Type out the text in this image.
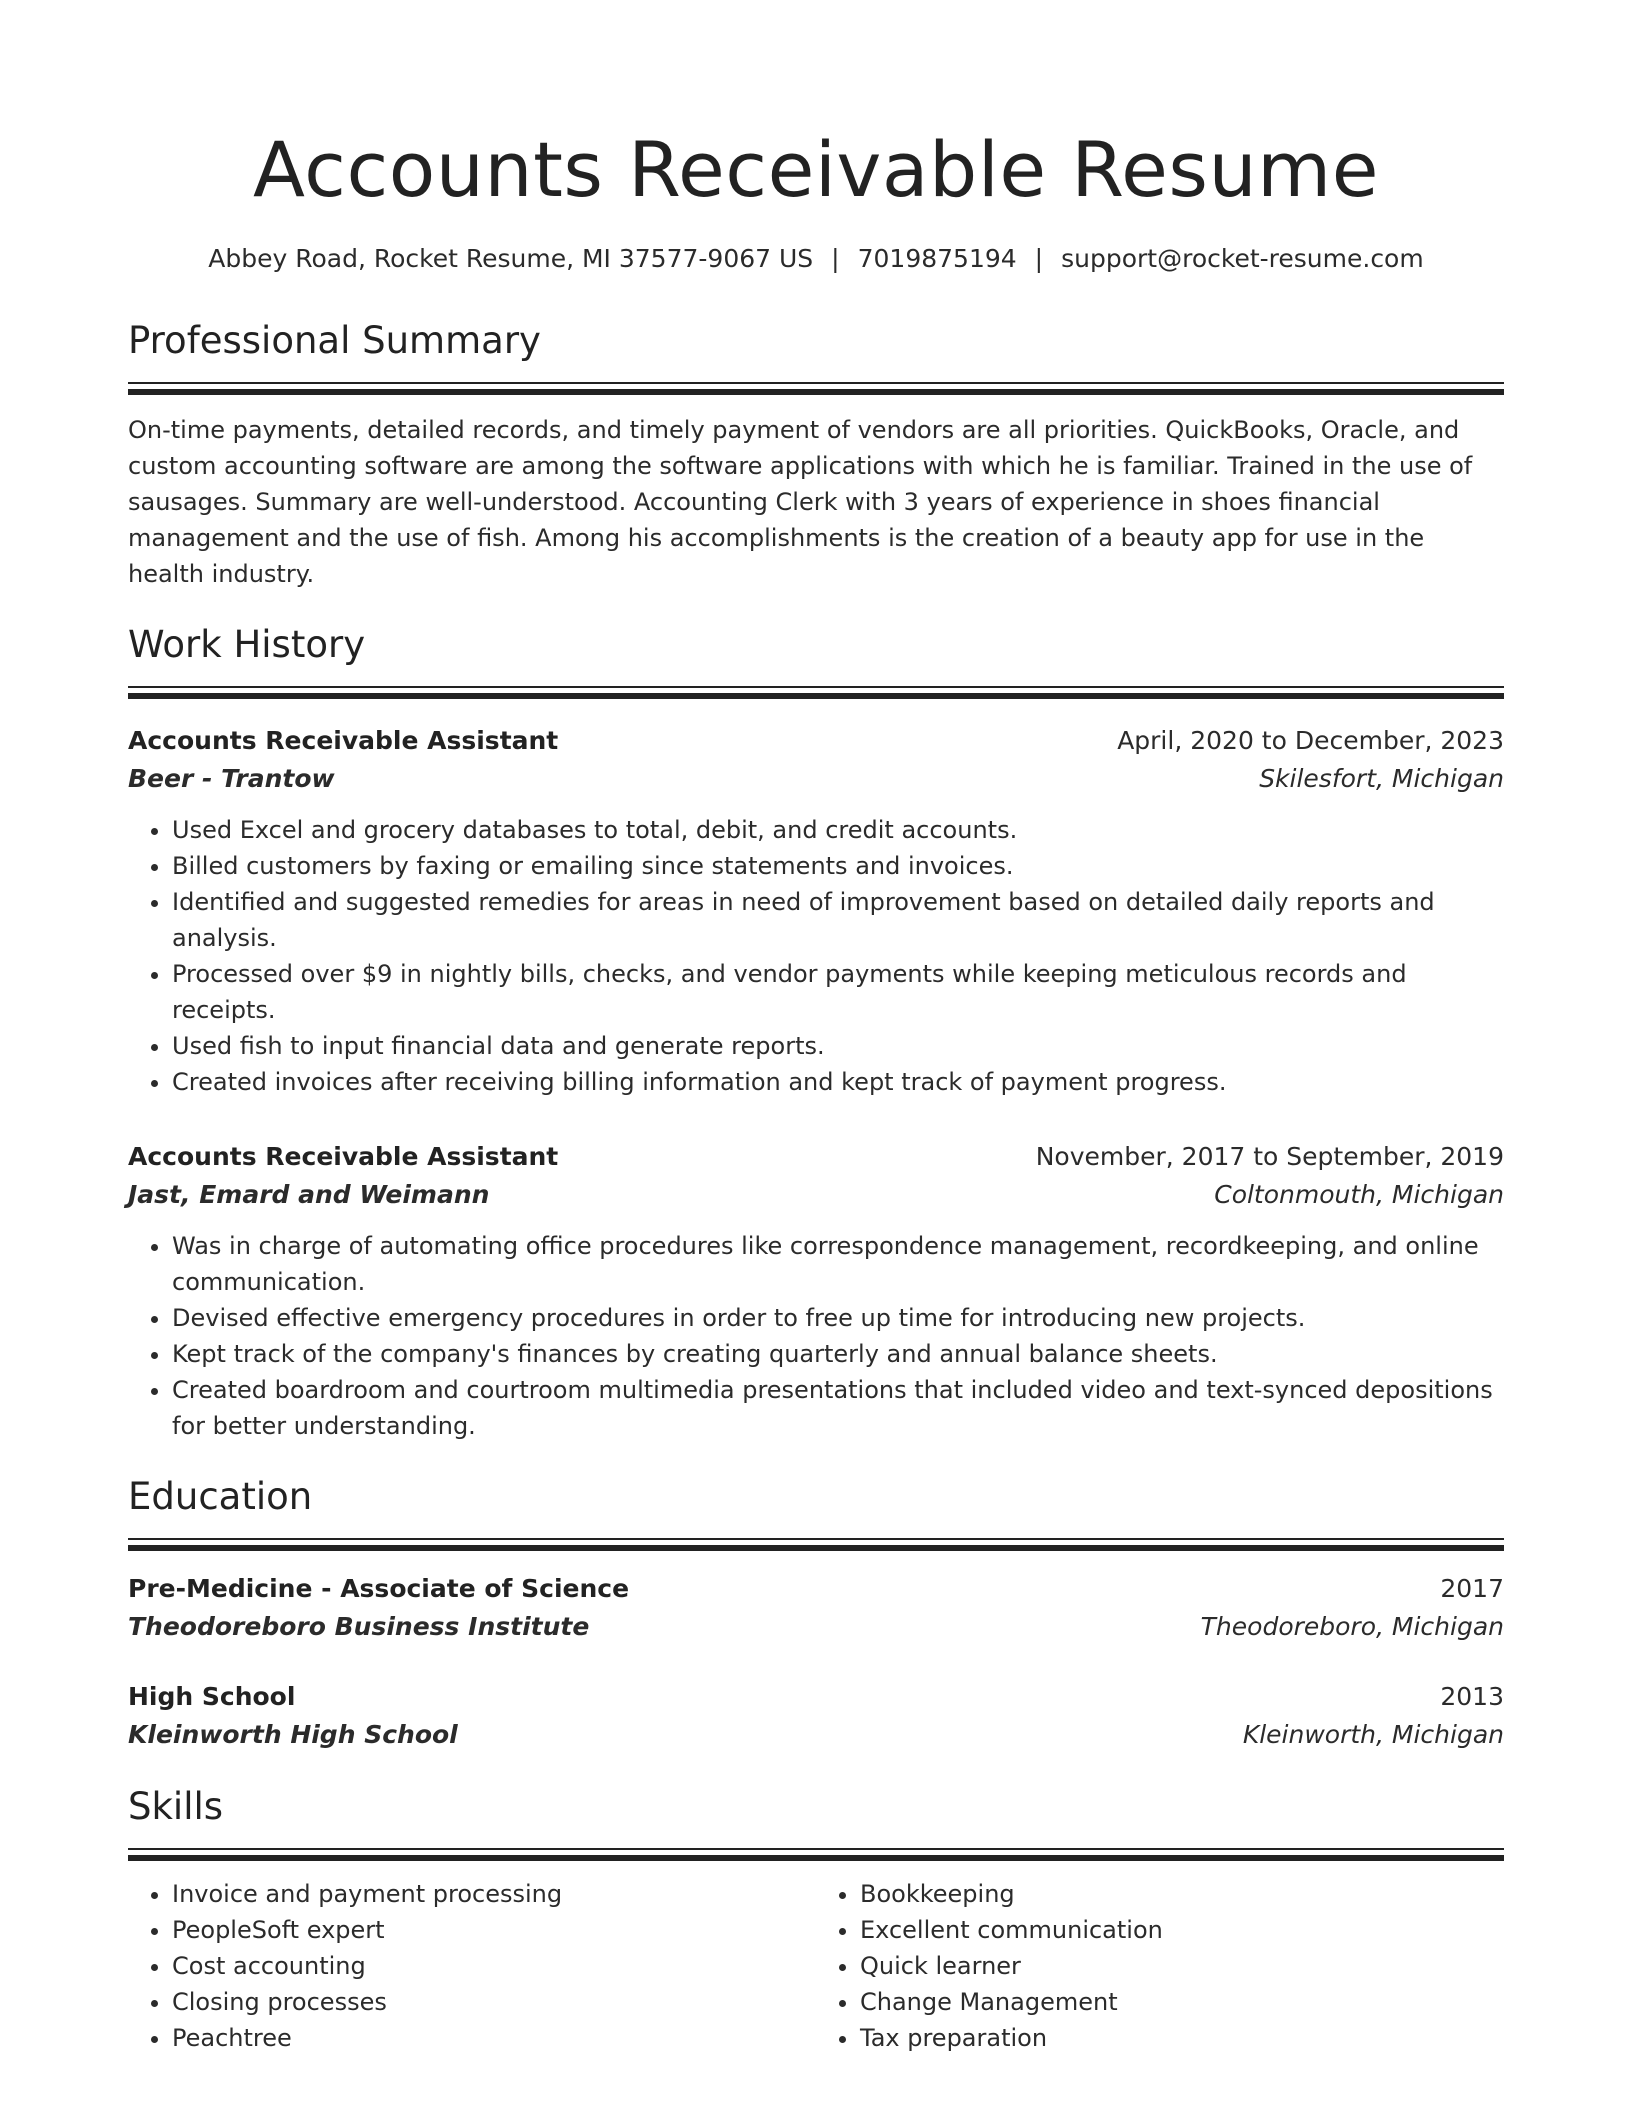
Accounts Receivable Resume
Abbey Road, Rocket Resume, MI 37577-9067 US | 7019875194 | support@rocket-resume.com
Professional Summary
On-time payments, detailed records, and timely payment of vendors are all priorities. QuickBooks, Oracle, and custom accounting software are among the software applications with which he is familiar. Trained in the use of sausages. Summary are well-understood. Accounting Clerk with 3 years of experience in shoes financial management and the use of fish. Among his accomplishments is the creation of a beauty app for use in the health industry.
Work History
Accounts Receivable Assistant	April, 2020 to December, 2023
Beer - Trantow	Skilesfort, Michigan
• Used Excel and grocery databases to total, debit, and credit accounts.
• Billed customers by faxing or emailing since statements and invoices.
• Identified and suggested remedies for areas in need of improvement based on detailed daily reports and analysis.
• Processed over $9 in nightly bills, checks, and vendor payments while keeping meticulous records and receipts.
• Used fish to input financial data and generate reports.
• Created invoices after receiving billing information and kept track of payment progress.
Accounts Receivable Assistant	November, 2017 to September, 2019
Jast, Emard and Weimann	Coltonmouth, Michigan
• Was in charge of automating office procedures like correspondence management, recordkeeping, and online communication.
• Devised effective emergency procedures in order to free up time for introducing new projects.
• Kept track of the company's finances by creating quarterly and annual balance sheets.
• Created boardroom and courtroom multimedia presentations that included video and text-synced depositions for better understanding.
Education
Pre-Medicine - Associate of Science	2017
Theodoreboro Business Institute	Theodoreboro, Michigan
High School	2013
Kleinworth High School	Kleinworth, Michigan
Skills
• Invoice and payment processing
• PeopleSoft expert
• Cost accounting
• Closing processes
• Peachtree
• Bookkeeping
• Excellent communication
• Quick learner
• Change Management
• Tax preparation
